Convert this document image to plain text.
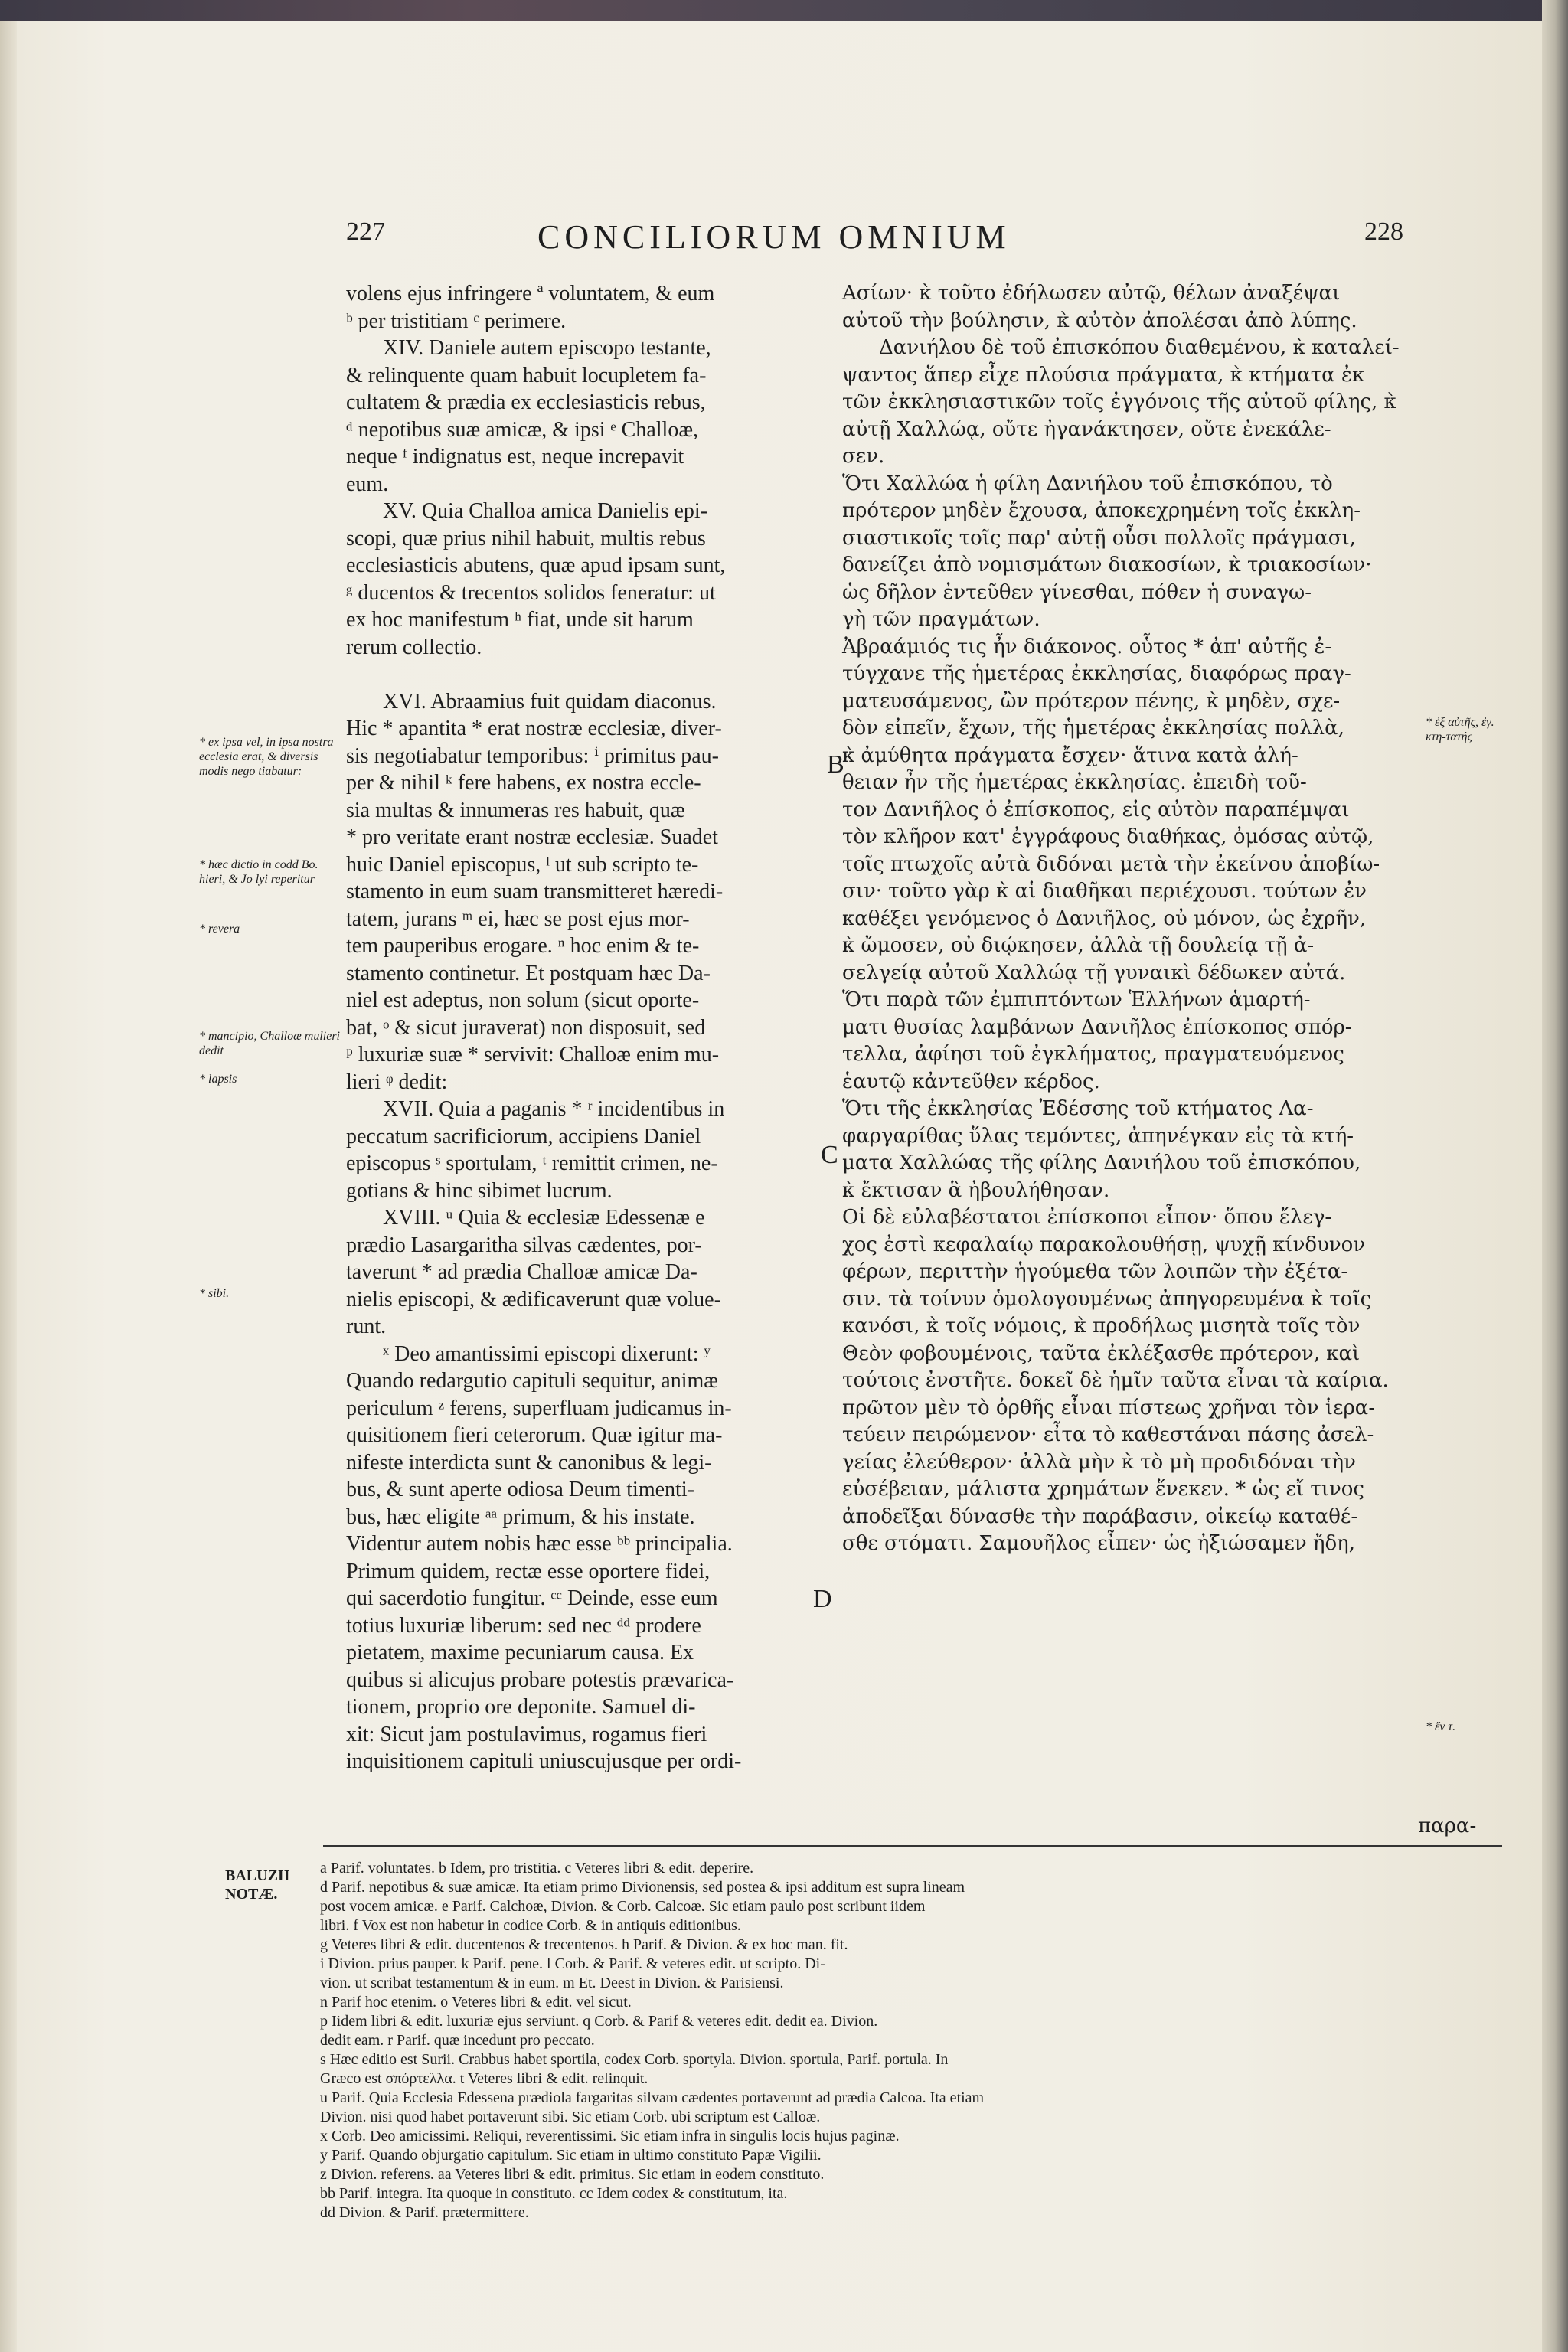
227	CONCILIORUM OMNIUM	228

volens ejus infringere ª voluntatem, & eum

ᵇ per tristitiam ᶜ perimere.

XIV. Daniele autem episcopo testante,

& relinquente quam habuit locupletem fa-

cultatem & prædia ex ecclesiasticis rebus,

ᵈ nepotibus suæ amicæ, & ipsi ᵉ Challoæ,

neque ᶠ indignatus est, neque increpavit

eum.

XV. Quia Challoa amica Danielis epi-

scopi, quæ prius nihil habuit, multis rebus

ecclesiasticis abutens, quæ apud ipsam sunt,

ᵍ ducentos & trecentos solidos feneratur: ut

ex hoc manifestum ʰ fiat, unde sit harum

rerum collectio.

XVI. Abraamius fuit quidam diaconus.

Hic * apantita * erat nostræ ecclesiæ, diver-

sis negotiabatur temporibus: ⁱ primitus pau-

per & nihil ᵏ fere habens, ex nostra eccle-

sia multas & innumeras res habuit, quæ

* pro veritate erant nostræ ecclesiæ. Suadet

huic Daniel episcopus, ˡ ut sub scripto te-

stamento in eum suam transmitteret hæredi-

tatem, jurans ᵐ ei, hæc se post ejus mor-

tem pauperibus erogare. ⁿ hoc enim & te-

stamento continetur. Et postquam hæc Da-

niel est adeptus, non solum (sicut oporte-

bat, ᵒ & sicut juraverat) non disposuit, sed

ᵖ luxuriæ suæ * servivit: Challoæ enim mu-

lieri ᵠ dedit:

XVII. Quia a paganis * ʳ incidentibus in

peccatum sacrificiorum, accipiens Daniel

episcopus ˢ sportulam, ᵗ remittit crimen, ne-

gotians & hinc sibimet lucrum.

XVIII. ᵘ Quia & ecclesiæ Edessenæ e

prædio Lasargaritha silvas cædentes, por-

taverunt * ad prædia Challoæ amicæ Da-

nielis episcopi, & ædificaverunt quæ volue-

runt.

ˣ Deo amantissimi episcopi dixerunt: ʸ

Quando redargutio capituli sequitur, animæ

periculum ᶻ ferens, superfluam judicamus in-

quisitionem fieri ceterorum. Quæ igitur ma-

nifeste interdicta sunt & canonibus & legi-

bus, & sunt aperte odiosa Deum timenti-

bus, hæc eligite ᵃᵃ primum, & his instate.

Videntur autem nobis hæc esse ᵇᵇ principalia.

Primum quidem, rectæ esse oportere fidei,

qui sacerdotio fungitur. ᶜᶜ Deinde, esse eum

totius luxuriæ liberum: sed nec ᵈᵈ prodere

pietatem, maxime pecuniarum causa. Ex

quibus si alicujus probare potestis prævarica-

tionem, proprio ore deponite. Samuel di-

xit: Sicut jam postulavimus, rogamus fieri

inquisitionem capituli uniuscujusque per ordi-

Ασίων· κ̀ τοῦτο ἐδήλωσεν αὐτῷ, θέλων ἀναξέψαι

αὐτοῦ τὴν βούλησιν, κ̀ αὐτὸν ἀπολέσαι ἀπὸ λύπης.

Δανιήλου δὲ τοῦ ἐπισκόπου διαθεμένου, κ̀ καταλεί-

ψαντος ἅπερ εἶχε πλούσια πράγματα, κ̀ κτήματα ἐκ

τῶν ἐκκλησιαστικῶν τοῖς ἐγγόνοις τῆς αὐτοῦ φίλης, κ̀

αὐτῇ Χαλλώᾳ, οὔτε ἠγανάκτησεν, οὔτε ἐνεκάλε-

σεν.

Ὅτι Χαλλώα ἡ φίλη Δανιήλου τοῦ ἐπισκόπου, τὸ

πρότερον μηδὲν ἔχουσα, ἀποκεχρημένη τοῖς ἐκκλη-

σιαστικοῖς τοῖς παρ' αὐτῇ οὖσι πολλοῖς πράγμασι,

δανείζει ἀπὸ νομισμάτων διακοσίων, κ̀ τριακοσίων·

ὡς δῆλον ἐντεῦθεν γίνεσθαι, πόθεν ἡ συναγω-

γὴ τῶν πραγμάτων.

Ἀβραάμιός τις ἦν διάκονος. οὗτος * ἀπ' αὐτῆς ἐ-

τύγχανε τῆς ἡμετέρας ἐκκλησίας, διαφόρως πραγ-

ματευσάμενος, ὢν πρότερον πένης, κ̀ μηδὲν, σχε-

δὸν εἰπεῖν, ἔχων, τῆς ἡμετέρας ἐκκλησίας πολλὰ,

κ̀ ἀμύθητα πράγματα ἔσχεν· ἅτινα κατὰ ἀλή-

θειαν ἦν τῆς ἡμετέρας ἐκκλησίας. ἐπειδὴ τοῦ-

τον Δανιῆλος ὁ ἐπίσκοπος, εἰς αὐτὸν παραπέμψαι

τὸν κλῆρον κατ' ἐγγράφους διαθήκας, ὀμόσας αὐτῷ,

τοῖς πτωχοῖς αὐτὰ διδόναι μετὰ τὴν ἐκείνου ἀποβίω-

σιν· τοῦτο γὰρ κ̀ αἱ διαθῆκαι περιέχουσι. τούτων ἐν

καθέξει γενόμενος ὁ Δανιῆλος, οὐ μόνον, ὡς ἐχρῆν,

κ̀ ὤμοσεν, οὐ διῴκησεν, ἀλλὰ τῇ δουλείᾳ τῇ ἀ-

σελγείᾳ αὐτοῦ Χαλλώᾳ τῇ γυναικὶ δέδωκεν αὐτά.

Ὅτι παρὰ τῶν ἐμπιπτόντων Ἑλλήνων ἁμαρτή-

ματι θυσίας λαμβάνων Δανιῆλος ἐπίσκοπος σπόρ-

τελλα, ἀφίησι τοῦ ἐγκλήματος, πραγματευόμενος

ἑαυτῷ κἀντεῦθεν κέρδος.

Ὅτι τῆς ἐκκλησίας Ἐδέσσης τοῦ κτήματος Λα-

φαργαρίθας ὕλας τεμόντες, ἀπηνέγκαν εἰς τὰ κτή-

ματα Χαλλώας τῆς φίλης Δανιήλου τοῦ ἐπισκόπου,

κ̀ ἔκτισαν ἃ ἠβουλήθησαν.

Οἱ δὲ εὐλαβέστατοι ἐπίσκοποι εἶπον· ὅπου ἔλεγ-

χος ἐστὶ κεφαλαίῳ παρακολουθήσῃ, ψυχῇ κίνδυνον

φέρων, περιττὴν ἡγούμεθα τῶν λοιπῶν τὴν ἐξέτα-

σιν. τὰ τοίνυν ὁμολογουμένως ἀπηγορευμένα κ̀ τοῖς

κανόσι, κ̀ τοῖς νόμοις, κ̀ προδήλως μισητὰ τοῖς τὸν

Θεὸν φοβουμένοις, ταῦτα ἐκλέξασθε πρότερον, καὶ

τούτοις ἐνστῆτε. δοκεῖ δὲ ἡμῖν ταῦτα εἶναι τὰ καίρια.

πρῶτον μὲν τὸ ὀρθῆς εἶναι πίστεως χρῆναι τὸν ἱερα-

τεύειν πειρώμενον· εἶτα τὸ καθεστάναι πάσης ἀσελ-

γείας ἐλεύθερον· ἀλλὰ μὴν κ̀ τὸ μὴ προδιδόναι τὴν

εὐσέβειαν, μάλιστα χρημάτων ἕνεκεν. * ὡς εἴ τινος

ἀποδεῖξαι δύνασθε τὴν παράβασιν, οἰκείῳ καταθέ-

σθε στόματι. Σαμουῆλος εἶπεν· ὡς ἠξιώσαμεν ἤδη,

B
C
D
* ex ipsa vel, in ipsa nostra ecclesia erat, & diversis modis nego tiabatur:
* hæc dictio in codd Bo. hieri, & Jo lyi reperitur
* revera
* mancipio, Challoæ mulieri dedit
* lapsis
* sibi.
* ἐξ αὐτῆς, ἐγ. κτη-τατής
* ἔν τ.
παρα-
BALUZII
NOTÆ.

a Parif. voluntates. b Idem, pro tristitia. c Veteres libri & edit. deperire.

d Parif. nepotibus & suæ amicæ. Ita etiam primo Divionensis, sed postea & ipsi additum est supra lineam

post vocem amicæ. e Parif. Calchoæ, Divion. & Corb. Calcoæ. Sic etiam paulo post scribunt iidem

libri. f Vox est non habetur in codice Corb. & in antiquis editionibus.

g Veteres libri & edit. ducentenos & trecentenos. h Parif. & Divion. & ex hoc man. fit.

i Divion. prius pauper. k Parif. pene. l Corb. & Parif. & veteres edit. ut scripto. Di-

vion. ut scribat testamentum & in eum. m Et. Deest in Divion. & Parisiensi.

n Parif hoc etenim. o Veteres libri & edit. vel sicut.

p Iidem libri & edit. luxuriæ ejus serviunt. q Corb. & Parif & veteres edit. dedit ea. Divion.

dedit eam. r Parif. quæ incedunt pro peccato.

s Hæc editio est Surii. Crabbus habet sportila, codex Corb. sportyla. Divion. sportula, Parif. portula. In

Græco est σπόρτελλα. t Veteres libri & edit. relinquit.

u Parif. Quia Ecclesia Edessena prædiola fargaritas silvam cædentes portaverunt ad prædia Calcoa. Ita etiam

Divion. nisi quod habet portaverunt sibi. Sic etiam Corb. ubi scriptum est Calloæ.

x Corb. Deo amicissimi. Reliqui, reverentissimi. Sic etiam infra in singulis locis hujus paginæ.

y Parif. Quando objurgatio capitulum. Sic etiam in ultimo constituto Papæ Vigilii.

z Divion. referens. aa Veteres libri & edit. primitus. Sic etiam in eodem constituto.

bb Parif. integra. Ita quoque in constituto. cc Idem codex & constitutum, ita.

dd Divion. & Parif. prætermittere.
